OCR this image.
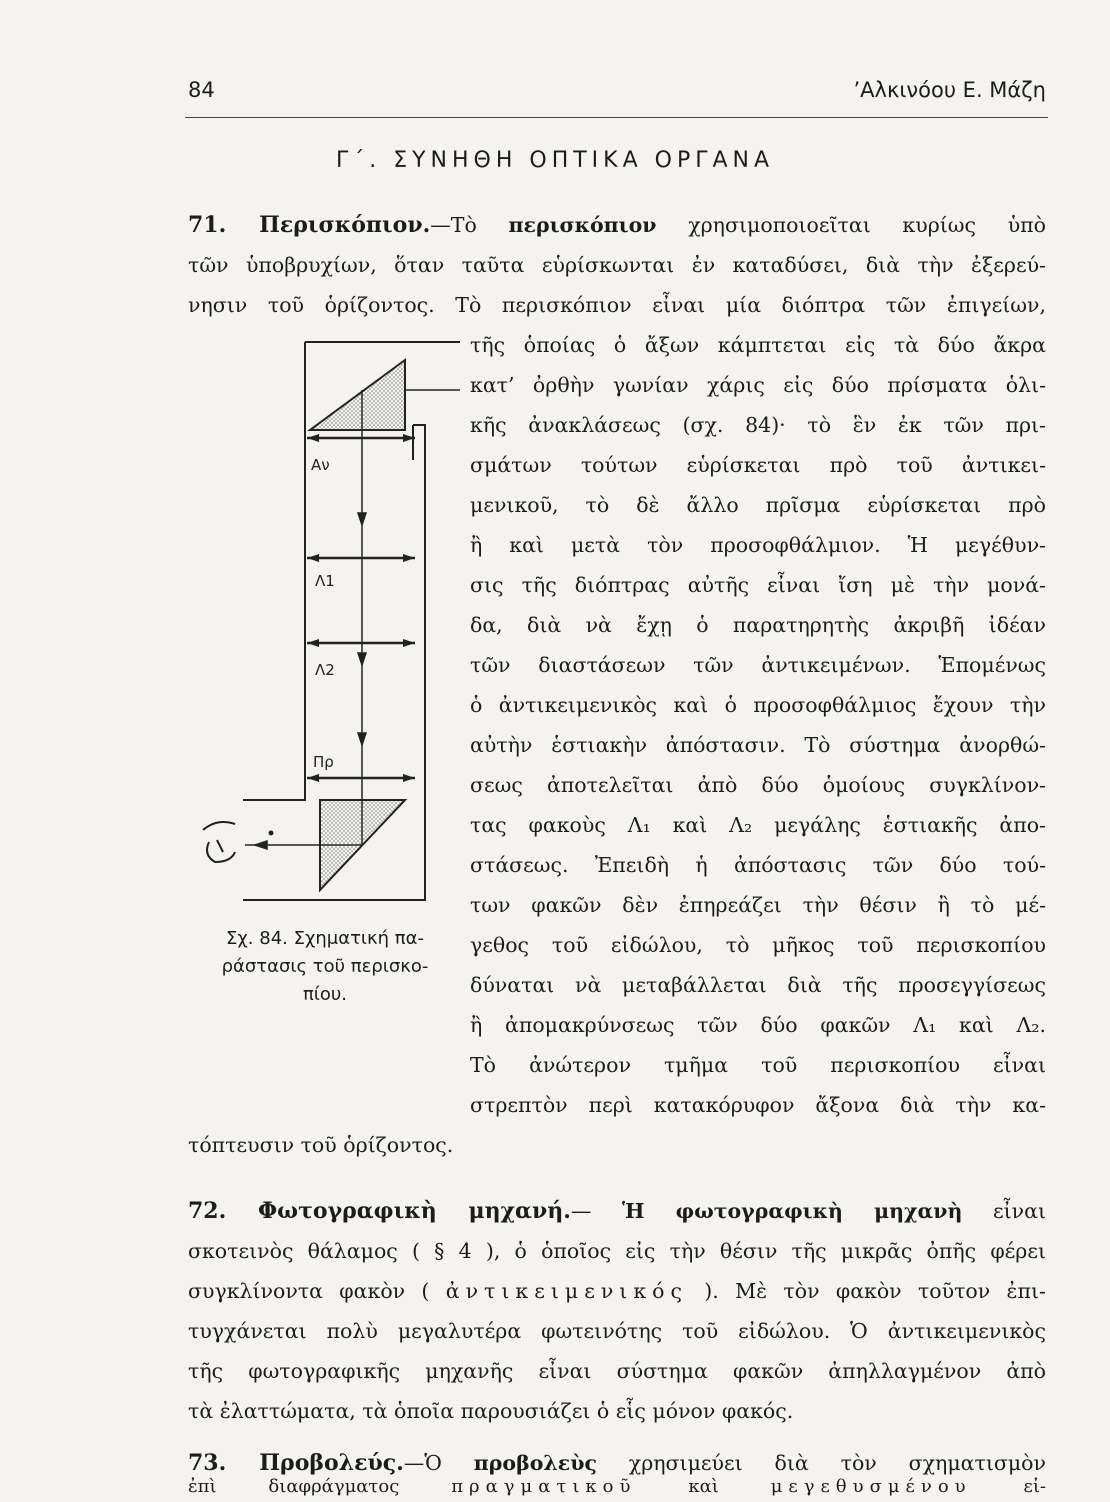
84	’Αλκινόου Ε. Μάζη
Γ΄. ΣΥΝΗΘΗ ΟΠΤΙΚΑ ΟΡΓΑΝΑ
71. Περισκόπιον.—Τὸ περισκόπιον χρησιμοποιοεῖται κυρίως ὑπὸ
τῶν ὑποβρυχίων, ὅταν ταῦτα εὑρίσκωνται ἐν καταδύσει, διὰ τὴν ἐξερεύ-
νησιν τοῦ ὁρίζοντος. Τὸ περισκόπιον εἶναι μία διόπτρα τῶν ἐπιγείων,
τῆς ὁποίας ὁ ἄξων κάμπτεται εἰς τὰ δύο ἄκρα
κατ’ ὀρθὴν γωνίαν χάρις εἰς δύο πρίσματα ὁλι-
κῆς ἀνακλάσεως (σχ. 84)· τὸ ἓν ἐκ τῶν πρι-
σμάτων τούτων εὑρίσκεται πρὸ τοῦ ἀντικει-
μενικοῦ, τὸ δὲ ἄλλο πρῖσμα εὑρίσκεται πρὸ
ἢ καὶ μετὰ τὸν προσοφθάλμιον. Ἡ μεγέθυν-
σις τῆς διόπτρας αὐτῆς εἶναι ἴση μὲ τὴν μονά-
δα, διὰ νὰ ἔχῃ ὁ παρατηρητὴς ἀκριβῆ ἰδέαν
τῶν διαστάσεων τῶν ἀντικειμένων. Ἑπομένως
ὁ ἀντικειμενικὸς καὶ ὁ προσοφθάλμιος ἔχουν τὴν
αὐτὴν ἑστιακὴν ἀπόστασιν. Τὸ σύστημα ἀνορθώ-
σεως ἀποτελεῖται ἀπὸ δύο ὁμοίους συγκλίνον-
τας φακοὺς Λ₁ καὶ Λ₂ μεγάλης ἑστιακῆς ἀπο-
στάσεως. Ἐπειδὴ ἡ ἀπόστασις τῶν δύο τού-
των φακῶν δὲν ἐπηρεάζει τὴν θέσιν ἢ τὸ μέ-
γεθος τοῦ εἰδώλου, τὸ μῆκος τοῦ περισκοπίου
δύναται νὰ μεταβάλλεται διὰ τῆς προσεγγίσεως
ἢ ἀπομακρύνσεως τῶν δύο φακῶν Λ₁ καὶ Λ₂.
Τὸ ἀνώτερον τμῆμα τοῦ περισκοπίου εἶναι
στρεπτὸν περὶ κατακόρυφον ἄξονα διὰ τὴν κα-
τόπτευσιν τοῦ ὁρίζοντος.
Αν
Λ1
Λ2
Πρ
Σχ. 84. Σχηματική πα-
ράστασις τοῦ περισκο-
πίου.
72. Φωτογραφικὴ μηχανή.— Ἡ φωτογραφικὴ μηχανὴ εἶναι
σκοτεινὸς θάλαμος ( § 4 ), ὁ ὁποῖος εἰς τὴν θέσιν τῆς μικρᾶς ὀπῆς φέρει
συγκλίνοντα φακὸν ( ἀντικειμενικός ). Μὲ τὸν φακὸν τοῦτον ἐπι-
τυγχάνεται πολὺ μεγαλυτέρα φωτεινότης τοῦ εἰδώλου. Ὁ ἀντικειμενικὸς
τῆς φωτογραφικῆς μηχανῆς εἶναι σύστημα φακῶν ἀπηλλαγμένον ἀπὸ
τὰ ἐλαττώματα, τὰ ὁποῖα παρουσιάζει ὁ εἷς μόνον φακός.
73. Προβολεύς.—Ὁ προβολεὺς χρησιμεύει διὰ τὸν σχηματισμὸν
ἐπὶ διαφράγματος	πραγματικοῦ	καὶ	μεγεθυσμένου	εἰ-
